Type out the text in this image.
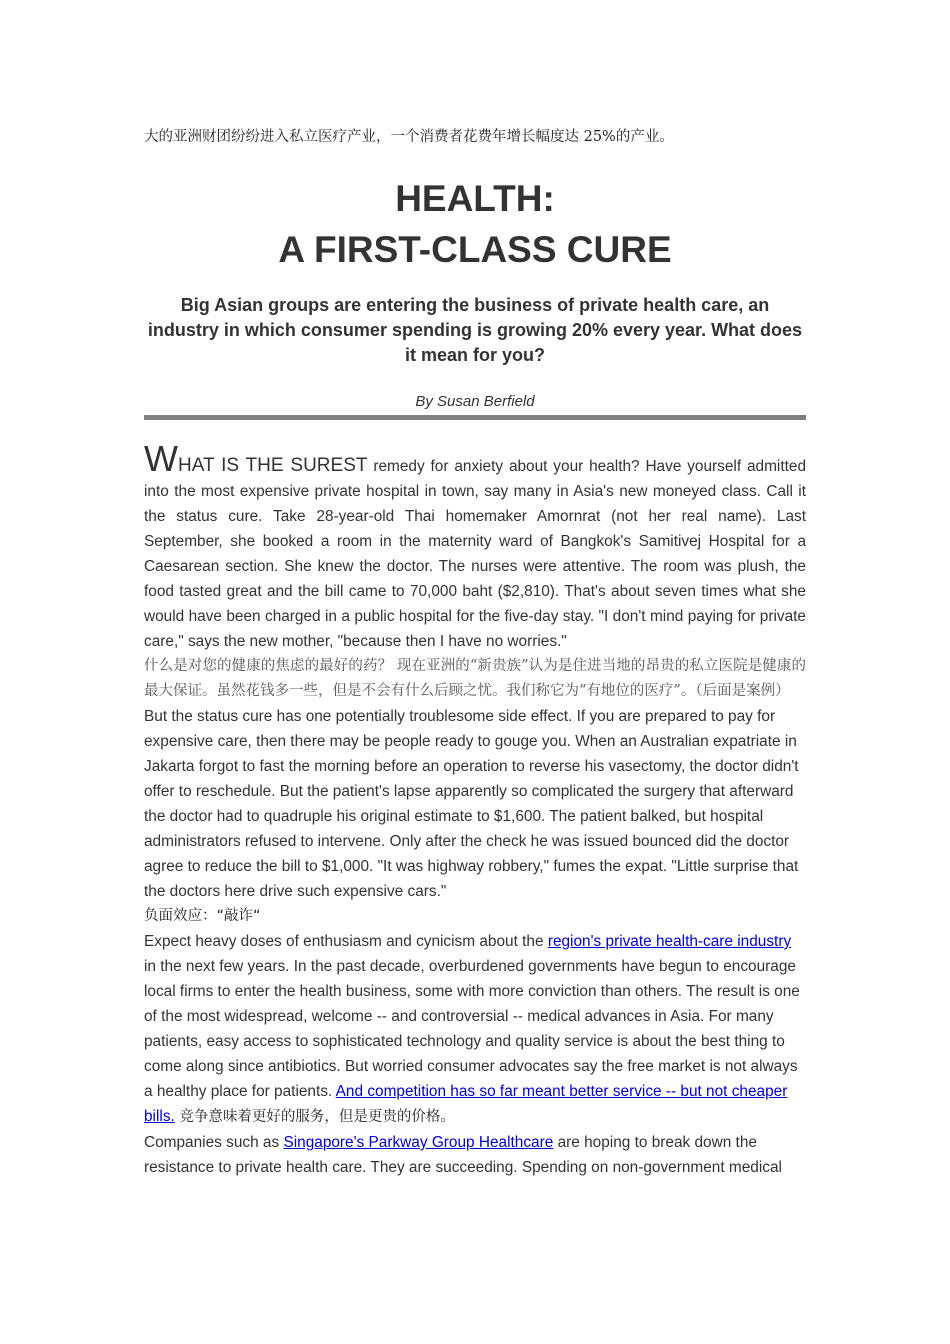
大的亚洲财团纷纷进入私立医疗产业，一个消费者花费年增长幅度达 25%的产业。
HEALTH:
A FIRST-CLASS CURE
Big Asian groups are entering the business of private health care, an industry in which consumer spending is growing 20% every year. What does it mean for you?
By Susan Berfield

WHAT IS THE SUREST remedy for anxiety about your health? Have yourself admitted into the most expensive private hospital in town, say many in Asia's new moneyed class. Call it the status cure. Take 28-year-old Thai homemaker Amornrat (not her real name). Last September, she booked a room in the maternity ward of Bangkok's Samitivej Hospital for a Caesarean section. She knew the doctor. The nurses were attentive. The room was plush, the food tasted great and the bill came to 70,000 baht ($2,810). That's about seven times what she would have been charged in a public hospital for the five-day stay. "I don't mind paying for private care," says the new mother, "because then I have no worries."

什么是对您的健康的焦虑的最好的药？ 现在亚洲的“新贵族”认为是住进当地的昂贵的私立医院是健康的最大保证。虽然花钱多一些，但是不会有什么后顾之忧。我们称它为“有地位的医疗”。（后面是案例）

But the status cure has one potentially troublesome side effect. If you are prepared to pay for expensive care, then there may be people ready to gouge you. When an Australian expatriate in Jakarta forgot to fast the morning before an operation to reverse his vasectomy, the doctor didn't offer to reschedule. But the patient's lapse apparently so complicated the surgery that afterward the doctor had to quadruple his original estimate to $1,600. The patient balked, but hospital administrators refused to intervene. Only after the check he was issued bounced did the doctor agree to reduce the bill to $1,000. "It was highway robbery," fumes the expat. "Little surprise that the doctors here drive such expensive cars."

负面效应：“敲诈“

Expect heavy doses of enthusiasm and cynicism about the region's private health-care industry in the next few years. In the past decade, overburdened governments have begun to encourage local firms to enter the health business, some with more conviction than others. The result is one of the most widespread, welcome -- and controversial -- medical advances in Asia. For many patients, easy access to sophisticated technology and quality service is about the best thing to come along since antibiotics. But worried consumer advocates say the free market is not always a healthy place for patients. And competition has so far meant better service -- but not cheaper bills. 竞争意味着更好的服务，但是更贵的价格。

Companies such as Singapore's Parkway Group Healthcare are hoping to break down the resistance to private health care. They are succeeding. Spending on non-government medical
